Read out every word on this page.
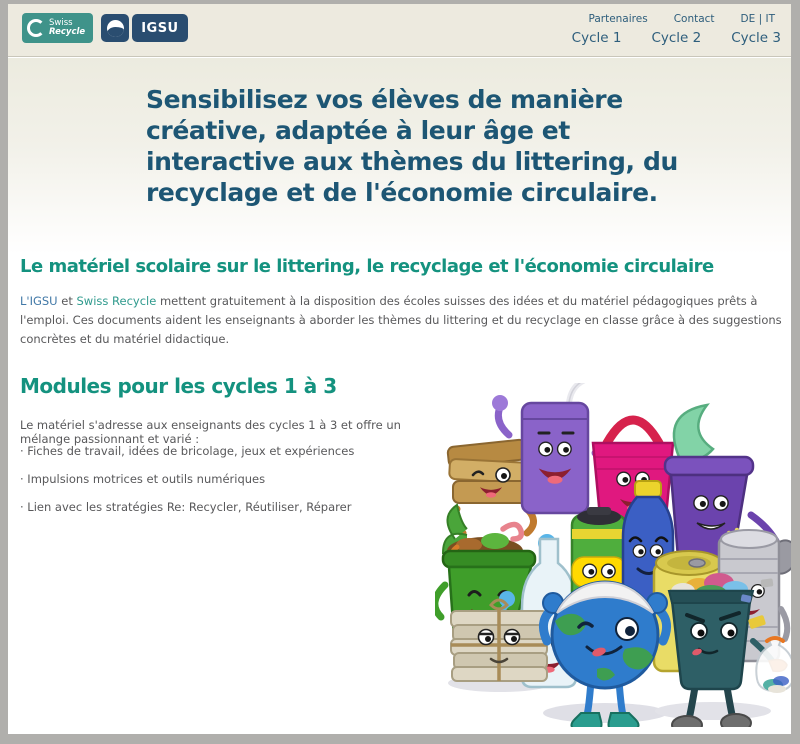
Swiss
Recycle	IGSU
Partenaires Contact DE | IT
Cycle 1 Cycle 2 Cycle 3
Sensibilisez vos élèves de manière créative, adaptée à leur âge et interactive aux thèmes du littering, du recyclage et de l'économie circulaire.
Le matériel scolaire sur le littering, le recyclage et l'économie circulaire

L'IGSU et Swiss Recycle mettent gratuitement à la disposition des écoles suisses des idées et du matériel pédagogiques prêts à l'emploi. Ces documents aident les enseignants à aborder les thèmes du littering et du recyclage en classe grâce à des suggestions concrètes et du matériel didactique.

Modules pour les cycles 1 à 3

Le matériel s'adresse aux enseignants des cycles 1 à 3 et offre un mélange passionnant et varié :

· Fiches de travail, idées de bricolage, jeux et expériences
· Impulsions motrices et outils numériques
· Lien avec les stratégies Re: Recycler, Réutiliser, Réparer
